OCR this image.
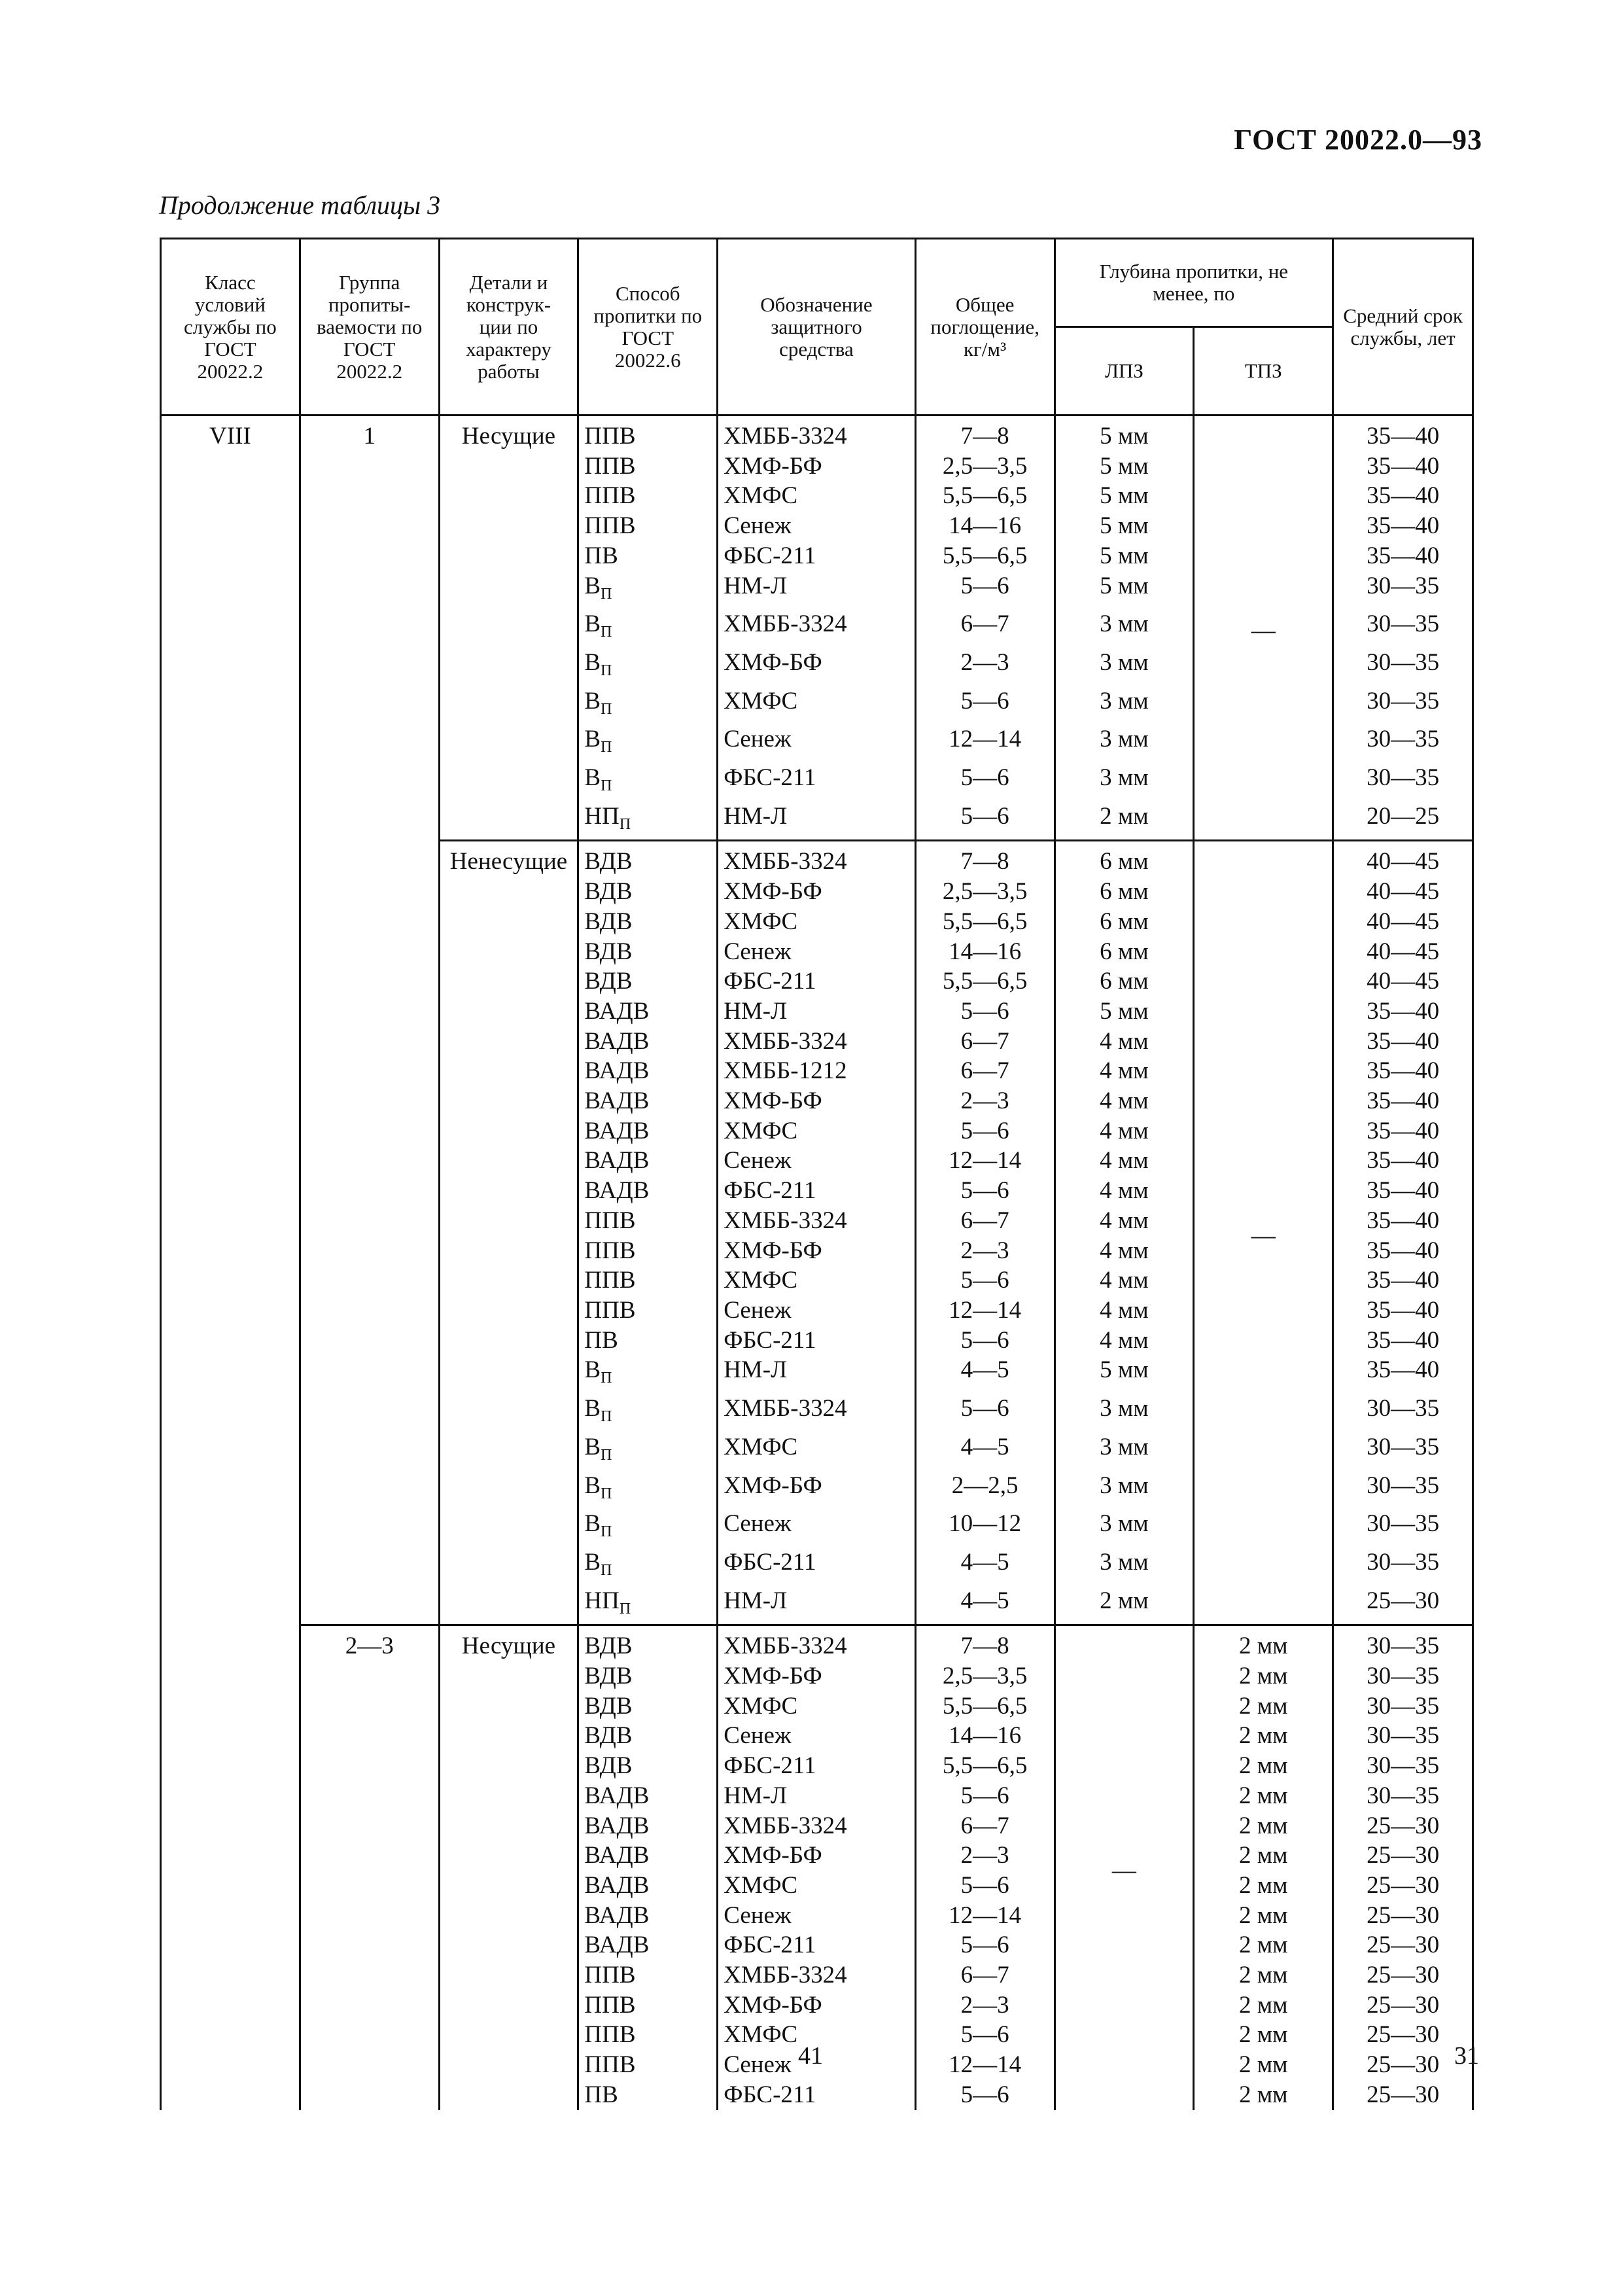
ГОСТ 20022.0—93
Продолжение таблицы 3
Класс условий службы по ГОСТ 20022.2	Группа пропиты- ваемости по ГОСТ 20022.2	Детали и конструк- ции по характеру работы	Способ пропитки по ГОСТ 20022.6	Обозначение защитного средства	Общее поглощение, кг/м³	Глубина пропитки, не менее, по		Средний срок службы, лет

						ЛПЗ	ТПЗ	

VIII	1	Несущие	ППВ	ХМББ-3324	7—8	5 мм	—	35—40
			ППВ	ХМФ-БФ	2,5—3,5	5 мм		35—40
			ППВ	ХМФС	5,5—6,5	5 мм		35—40
			ППВ	Сенеж	14—16	5 мм		35—40
			ПВ	ФБС-211	5,5—6,5	5 мм		35—40
			$В_П$	НМ-Л	5—6	5 мм		30—35
			$В_П$	ХМББ-3324	6—7	3 мм		30—35
			$В_П$	ХМФ-БФ	2—3	3 мм		30—35
			$В_П$	ХМФС	5—6	3 мм		30—35
			$В_П$	Сенеж	12—14	3 мм		30—35
			$В_П$	ФБС-211	5—6	3 мм		30—35
			$НП_П$	НМ-Л	5—6	2 мм		20—25
		Ненесущие	ВДВ	ХМББ-3324	7—8	6 мм	—	40—45
			ВДВ	ХМФ-БФ	2,5—3,5	6 мм		40—45
			ВДВ	ХМФС	5,5—6,5	6 мм		40—45
			ВДВ	Сенеж	14—16	6 мм		40—45
			ВДВ	ФБС-211	5,5—6,5	6 мм		40—45
			ВАДВ	НМ-Л	5—6	5 мм		35—40
			ВАДВ	ХМББ-3324	6—7	4 мм		35—40
			ВАДВ	ХМББ-1212	6—7	4 мм		35—40
			ВАДВ	ХМФ-БФ	2—3	4 мм		35—40
			ВАДВ	ХМФС	5—6	4 мм		35—40
			ВАДВ	Сенеж	12—14	4 мм		35—40
			ВАДВ	ФБС-211	5—6	4 мм		35—40
			ППВ	ХМББ-3324	6—7	4 мм		35—40
			ППВ	ХМФ-БФ	2—3	4 мм		35—40
			ППВ	ХМФС	5—6	4 мм		35—40
			ППВ	Сенеж	12—14	4 мм		35—40
			ПВ	ФБС-211	5—6	4 мм		35—40
			$В_П$	НМ-Л	4—5	5 мм		35—40
			$В_П$	ХМББ-3324	5—6	3 мм		30—35
			$В_П$	ХМФС	4—5	3 мм		30—35
			$В_П$	ХМФ-БФ	2—2,5	3 мм		30—35
			$В_П$	Сенеж	10—12	3 мм		30—35
			$В_П$	ФБС-211	4—5	3 мм		30—35
			$НП_П$	НМ-Л	4—5	2 мм		25—30
	2—3	Несущие	ВДВ	ХМББ-3324	7—8	—	2 мм	30—35
			ВДВ	ХМФ-БФ	2,5—3,5		2 мм	30—35
			ВДВ	ХМФС	5,5—6,5		2 мм	30—35
			ВДВ	Сенеж	14—16		2 мм	30—35
			ВДВ	ФБС-211	5,5—6,5		2 мм	30—35
			ВАДВ	НМ-Л	5—6		2 мм	30—35
			ВАДВ	ХМББ-3324	6—7		2 мм	25—30
			ВАДВ	ХМФ-БФ	2—3		2 мм	25—30
			ВАДВ	ХМФС	5—6		2 мм	25—30
			ВАДВ	Сенеж	12—14		2 мм	25—30
			ВАДВ	ФБС-211	5—6		2 мм	25—30
			ППВ	ХМББ-3324	6—7		2 мм	25—30
			ППВ	ХМФ-БФ	2—3		2 мм	25—30
			ППВ	ХМФС	5—6		2 мм	25—30
			ППВ	Сенеж	12—14		2 мм	25—30
			ПВ	ФБС-211	5—6		2 мм	25—30
41	31
